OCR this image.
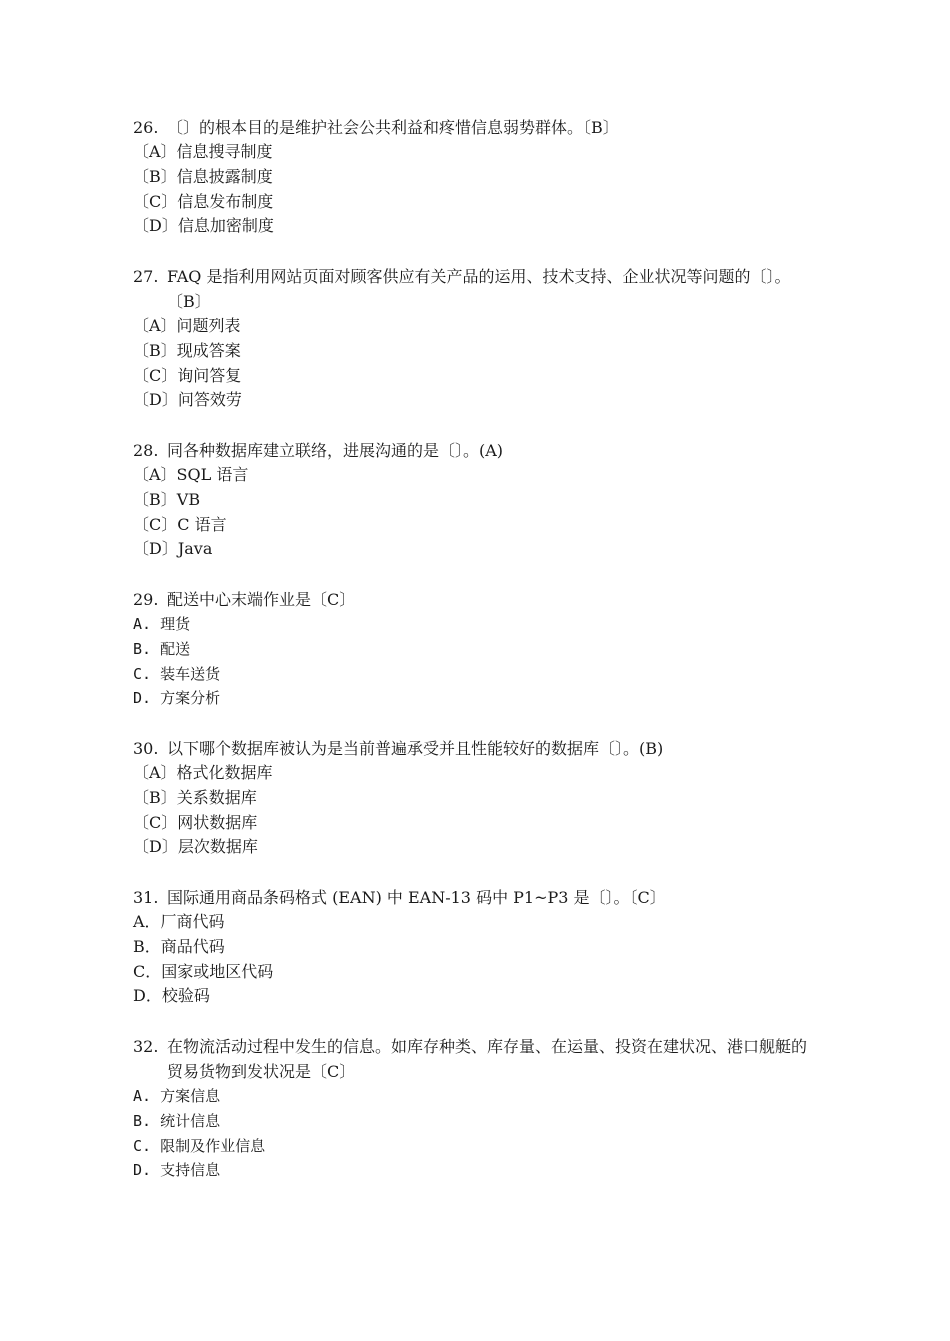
26. 〔〕的根本目的是维护社会公共利益和疼惜信息弱势群体。〔B〕
〔A〕信息搜寻制度
〔B〕信息披露制度
〔C〕信息发布制度
〔D〕信息加密制度
27. FAQ 是指利用网站页面对顾客供应有关产品的运用、技术支持、企业状况等问题的〔〕。〔B〕
〔A〕问题列表
〔B〕现成答案
〔C〕询问答复
〔D〕问答效劳
28. 同各种数据库建立联络，进展沟通的是〔〕。(A)
〔A〕SQL 语言
〔B〕VB
〔C〕C 语言
〔D〕Java
29. 配送中心末端作业是〔C〕
A. 理货
B. 配送
C. 装车送货
D. 方案分析
30. 以下哪个数据库被认为是当前普遍承受并且性能较好的数据库〔〕。(B)
〔A〕格式化数据库
〔B〕关系数据库
〔C〕网状数据库
〔D〕层次数据库
31. 国际通用商品条码格式 (EAN) 中 EAN-13 码中 P1~P3 是〔〕。〔C〕
A．厂商代码
B．商品代码
C．国家或地区代码
D．校验码
32. 在物流活动过程中发生的信息。如库存种类、库存量、在运量、投资在建状况、港口舰艇的贸易货物到发状况是〔C〕
A. 方案信息
B. 统计信息
C. 限制及作业信息
D. 支持信息
